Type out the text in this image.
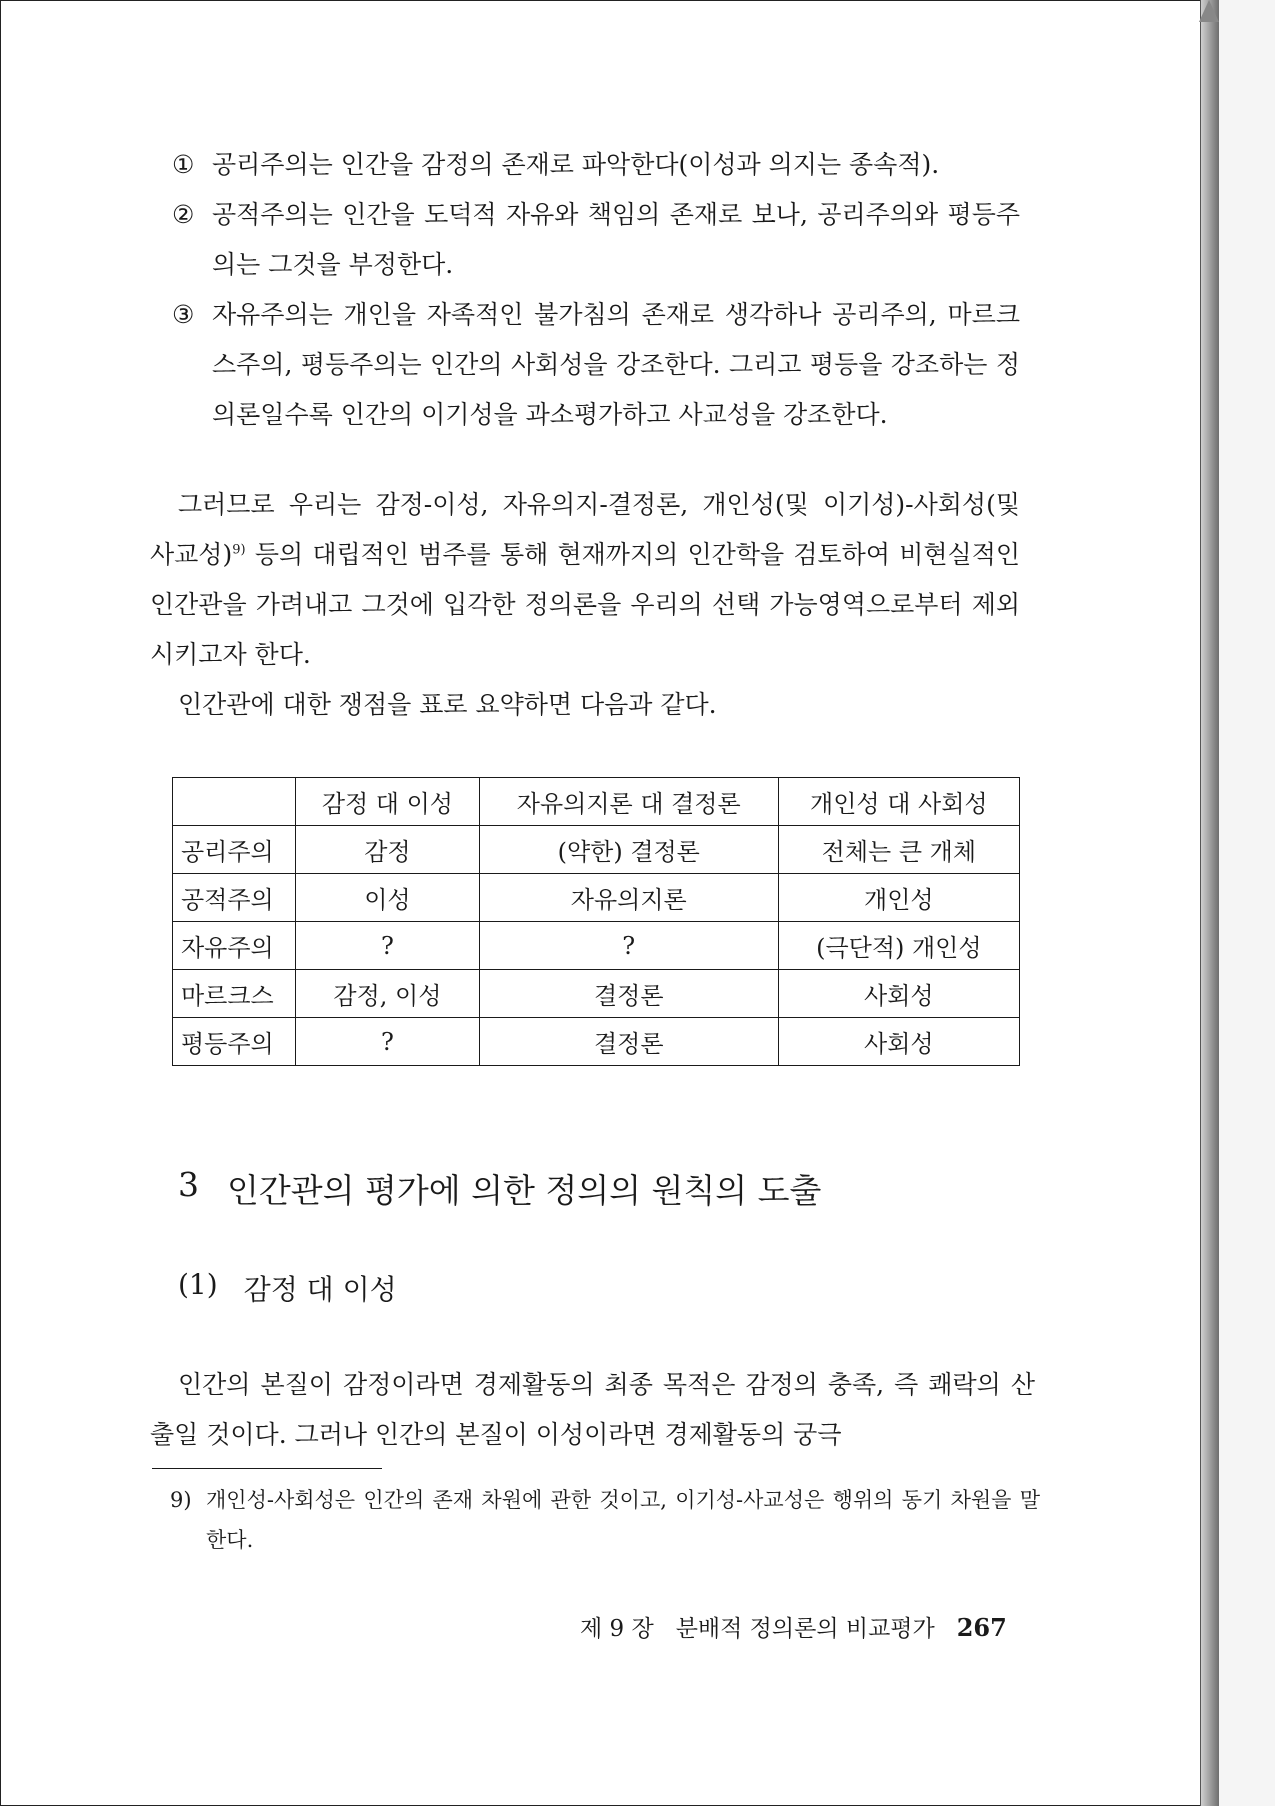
① 공리주의는 인간을 감정의 존재로 파악한다(이성과 의지는 종속적).
② 공적주의는 인간을 도덕적 자유와 책임의 존재로 보나, 공리주의와 평등주의는 그것을 부정한다.
③ 자유주의는 개인을 자족적인 불가침의 존재로 생각하나 공리주의, 마르크스주의, 평등주의는 인간의 사회성을 강조한다. 그리고 평등을 강조하는 정의론일수록 인간의 이기성을 과소평가하고 사교성을 강조한다.

그러므로 우리는 감정-이성, 자유의지-결정론, 개인성(및 이기성)-사회성(및 사교성)$^{9)}$ 등의 대립적인 범주를 통해 현재까지의 인간학을 검토하여 비현실적인 인간관을 가려내고 그것에 입각한 정의론을 우리의 선택 가능영역으로부터 제외시키고자 한다.

인간관에 대한 쟁점을 표로 요약하면 다음과 같다.

	감정 대 이성	자유의지론 대 결정론	개인성 대 사회성
공리주의	감정	(약한) 결정론	전체는 큰 개체
공적주의	이성	자유의지론	개인성
자유주의	?	?	(극단적) 개인성
마르크스	감정, 이성	결정론	사회성
평등주의	?	결정론	사회성
3 인간관의 평가에 의한 정의의 원칙의 도출
(1) 감정 대 이성

인간의 본질이 감정이라면 경제활동의 최종 목적은 감정의 충족, 즉 쾌락의 산출일 것이다. 그러나 인간의 본질이 이성이라면 경제활동의 궁극

9) 개인성-사회성은 인간의 존재 차원에 관한 것이고, 이기성-사교성은 행위의 동기 차원을 말한다.
제 9 장 분배적 정의론의 비교평가 267
